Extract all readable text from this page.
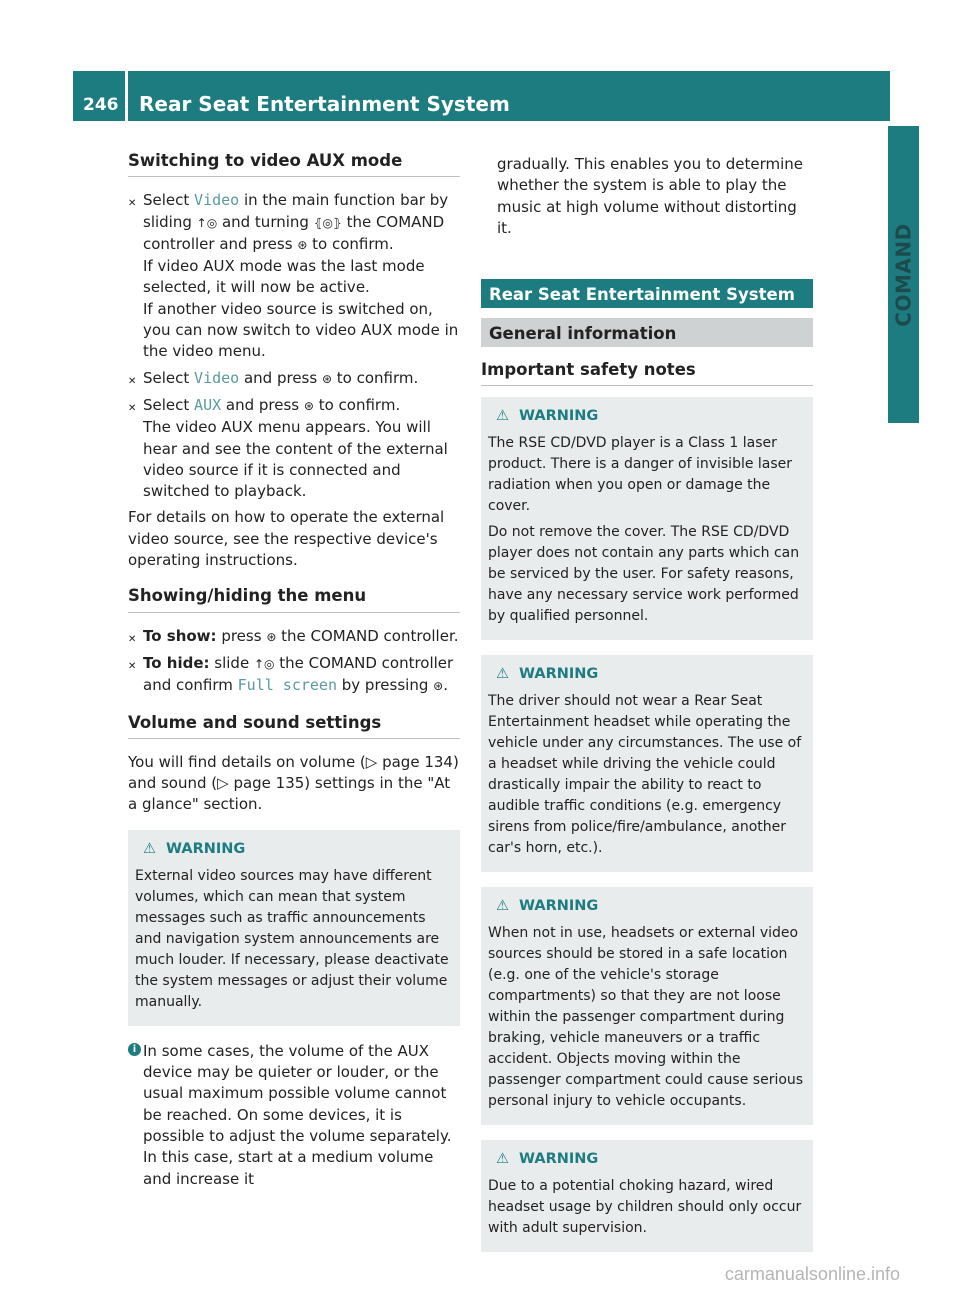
246	Rear Seat Entertainment System
COMAND
Switching to video AUX mode
✕ Select Video in the main function bar by sliding ↑◎ and turning ⦃◎⦄ the COMAND controller and press ⊛ to confirm.
If video AUX mode was the last mode selected, it will now be active.
If another video source is switched on, you can now switch to video AUX mode in the video menu.
✕ Select Video and press ⊛ to confirm.
✕ Select AUX and press ⊛ to confirm.
The video AUX menu appears. You will hear and see the content of the external video source if it is connected and switched to playback.
For details on how to operate the external video source, see the respective device's operating instructions.
Showing/hiding the menu
✕ To show: press ⊛ the COMAND controller.
✕ To hide: slide ↑◎ the COMAND controller and confirm Full screen by pressing ⊛.
Volume and sound settings
You will find details on volume (▷ page 134) and sound (▷ page 135) settings in the "At a glance" section.
⚠ WARNING

External video sources may have different volumes, which can mean that system messages such as traffic announcements and navigation system announcements are much louder. If necessary, please deactivate the system messages or adjust their volume manually.

i In some cases, the volume of the AUX device may be quieter or louder, or the usual maximum possible volume cannot be reached. On some devices, it is possible to adjust the volume separately. In this case, start at a medium volume and increase it
gradually. This enables you to determine whether the system is able to play the music at high volume without distorting it.
Rear Seat Entertainment System
General information
Important safety notes
⚠ WARNING

The RSE CD/DVD player is a Class 1 laser product. There is a danger of invisible laser radiation when you open or damage the cover.

Do not remove the cover. The RSE CD/DVD player does not contain any parts which can be serviced by the user. For safety reasons, have any necessary service work performed by qualified personnel.

⚠ WARNING

The driver should not wear a Rear Seat Entertainment headset while operating the vehicle under any circumstances. The use of a headset while driving the vehicle could drastically impair the ability to react to audible traffic conditions (e.g. emergency sirens from police/fire/ambulance, another car's horn, etc.).

⚠ WARNING

When not in use, headsets or external video sources should be stored in a safe location (e.g. one of the vehicle's storage compartments) so that they are not loose within the passenger compartment during braking, vehicle maneuvers or a traffic accident. Objects moving within the passenger compartment could cause serious personal injury to vehicle occupants.

⚠ WARNING

Due to a potential choking hazard, wired headset usage by children should only occur with adult supervision.

carmanualsonline.info
